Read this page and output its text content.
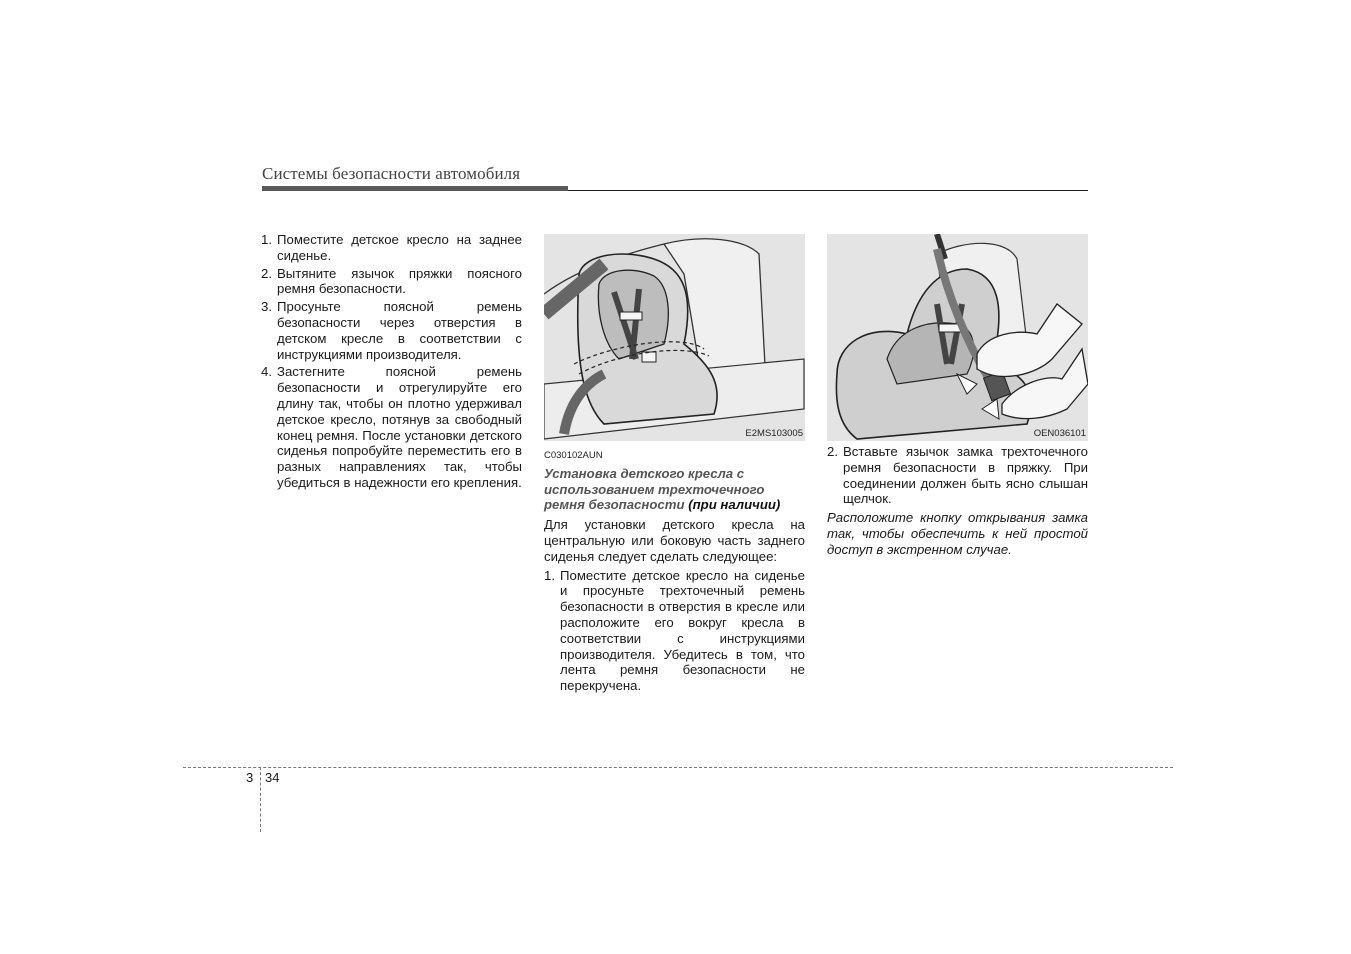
Системы безопасности автомобиля
1. Поместите детское кресло на заднее сиденье.
2. Вытяните язычок пряжки поясного ремня безопасности.
3. Просуньте поясной ремень безопасности через отверстия в детском кресле в соответствии с инструкциями производителя.
4. Застегните поясной ремень безопасности и отрегулируйте его длину так, чтобы он плотно удерживал детское кресло, потянув за свободный конец ремня. После установки детского сиденья попробуйте переместить его в разных направлениях так, чтобы убедиться в надежности его крепления.
E2MS103005	OEN036101
C030102AUN
Установка детского кресла с использованием трехточечного ремня безопасности (при наличии)
Для установки детского кресла на центральную или боковую часть заднего сиденья следует сделать следующее:
1. Поместите детское кресло на сиденье и просуньте трехточечный ремень безопасности в отверстия в кресле или расположите его вокруг кресла в соответствии с инструкциями производителя. Убедитесь в том, что лента ремня безопасности не перекручена.
2. Вставьте язычок замка трехточечного ремня безопасности в пряжку. При соединении должен быть ясно слышан щелчок.
Расположите кнопку открывания замка так, чтобы обеспечить к ней простой доступ в экстренном случае.
3 34
